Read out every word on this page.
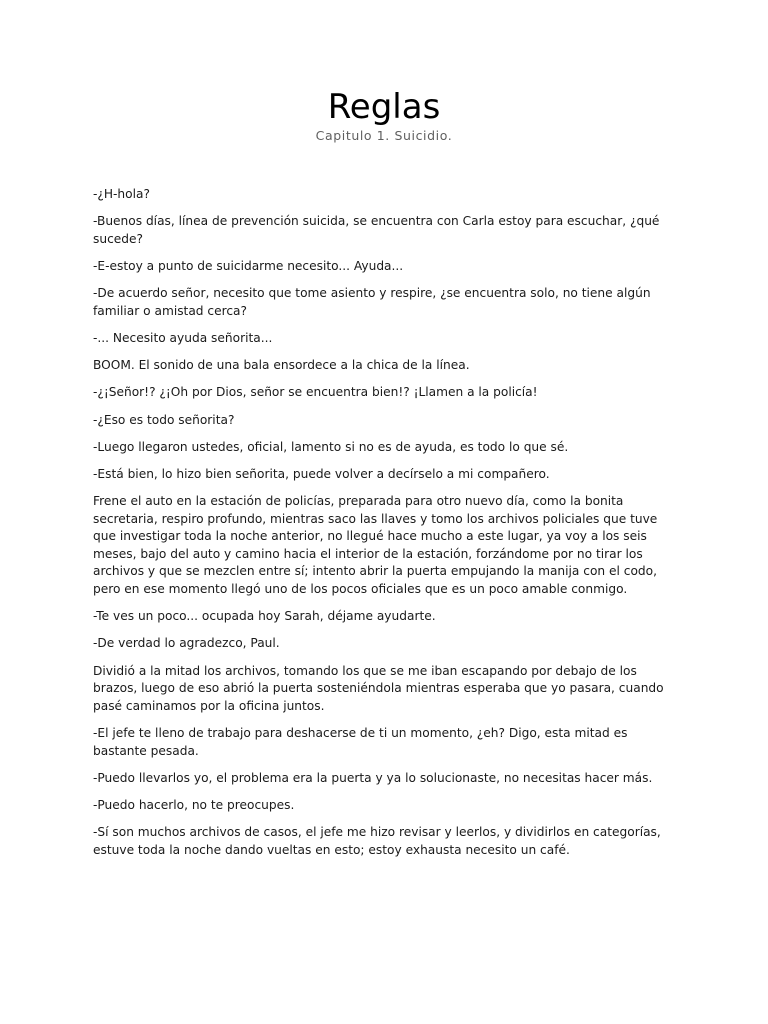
Reglas
Capitulo 1. Suicidio.

-¿H-hola?

-Buenos días, línea de prevención suicida, se encuentra con Carla estoy para escuchar, ¿qué sucede?

-E-estoy a punto de suicidarme necesito... Ayuda...

-De acuerdo señor, necesito que tome asiento y respire, ¿se encuentra solo, no tiene algún familiar o amistad cerca?

-... Necesito ayuda señorita...

BOOM. El sonido de una bala ensordece a la chica de la línea.

-¿¡Señor!? ¿¡Oh por Dios, señor se encuentra bien!? ¡Llamen a la policía!

-¿Eso es todo señorita?

-Luego llegaron ustedes, oficial, lamento si no es de ayuda, es todo lo que sé.

-Está bien, lo hizo bien señorita, puede volver a decírselo a mi compañero.

Frene el auto en la estación de policías, preparada para otro nuevo día, como la bonita secretaria, respiro profundo, mientras saco las llaves y tomo los archivos policiales que tuve que investigar toda la noche anterior, no llegué hace mucho a este lugar, ya voy a los seis meses, bajo del auto y camino hacia el interior de la estación, forzándome por no tirar los archivos y que se mezclen entre sí; intento abrir la puerta empujando la manija con el codo, pero en ese momento llegó uno de los pocos oficiales que es un poco amable conmigo.

-Te ves un poco... ocupada hoy Sarah, déjame ayudarte.

-De verdad lo agradezco, Paul.

Dividió a la mitad los archivos, tomando los que se me iban escapando por debajo de los brazos, luego de eso abrió la puerta sosteniéndola mientras esperaba que yo pasara, cuando pasé caminamos por la oficina juntos.

-El jefe te lleno de trabajo para deshacerse de ti un momento, ¿eh? Digo, esta mitad es bastante pesada.

-Puedo llevarlos yo, el problema era la puerta y ya lo solucionaste, no necesitas hacer más.

-Puedo hacerlo, no te preocupes.

-Sí son muchos archivos de casos, el jefe me hizo revisar y leerlos, y dividirlos en categorías, estuve toda la noche dando vueltas en esto; estoy exhausta necesito un café.
